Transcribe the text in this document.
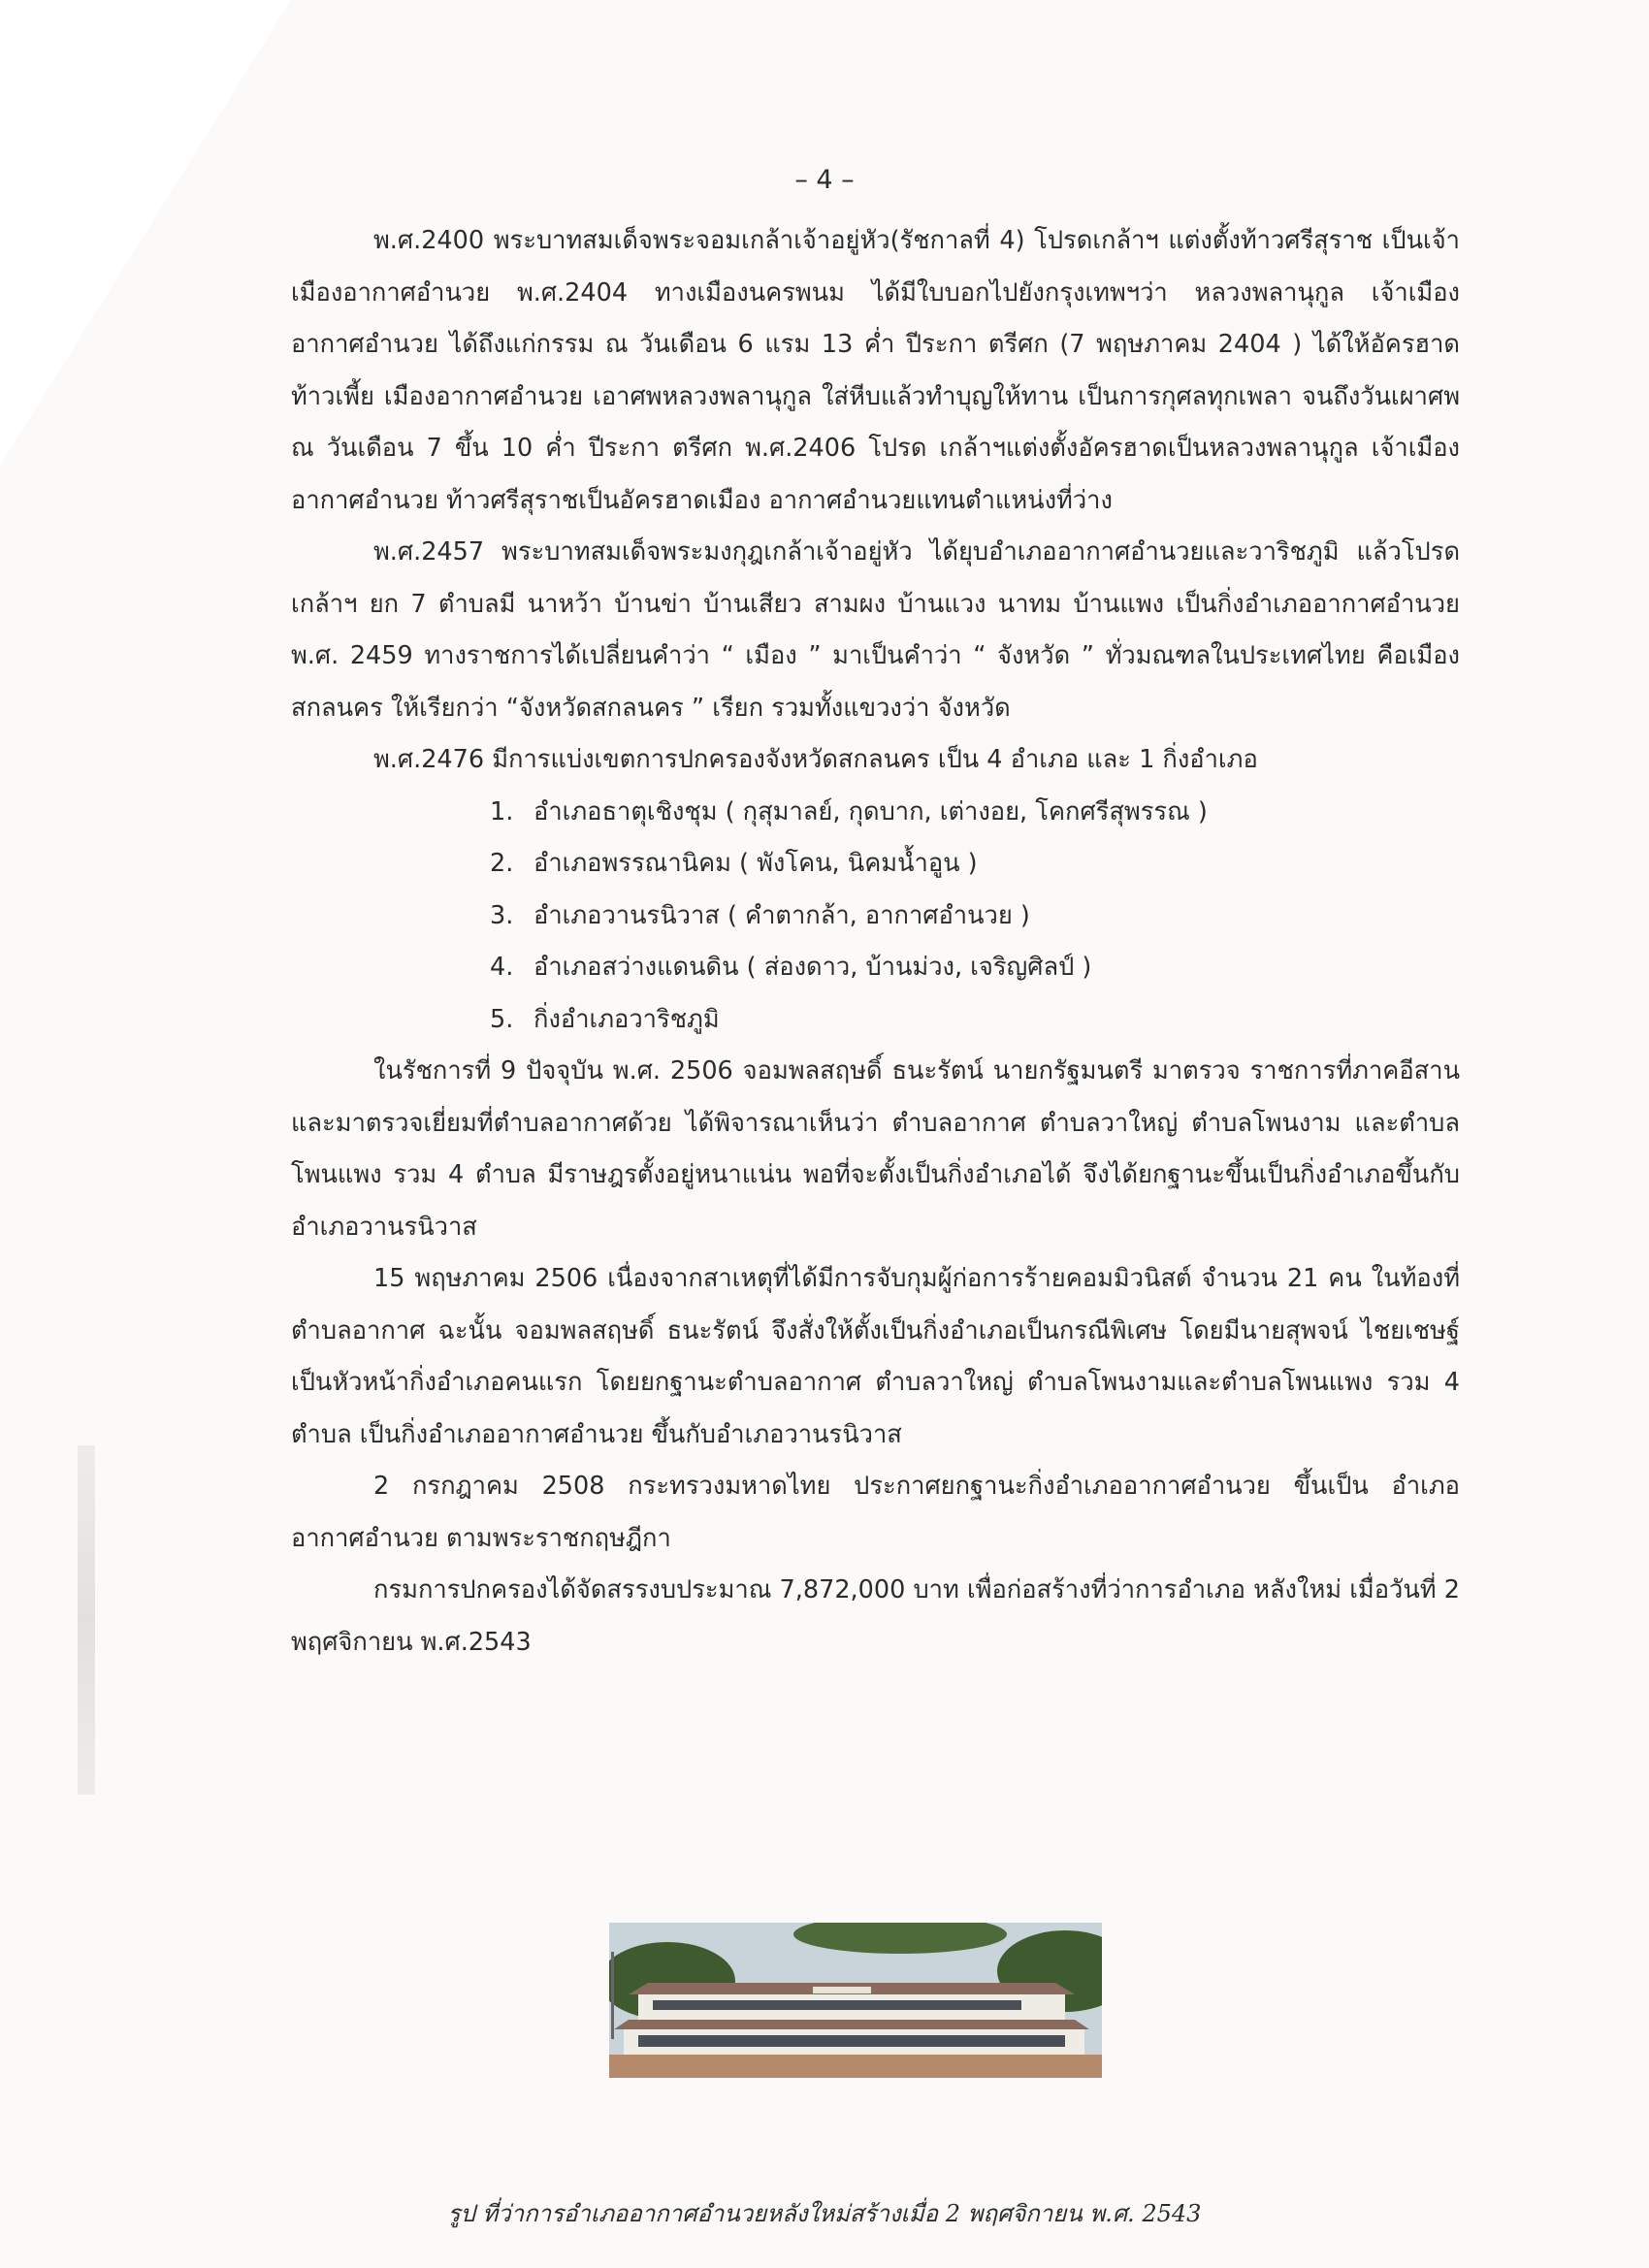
– 4 –

พ.ศ.2400 พระบาทสมเด็จพระจอมเกล้าเจ้าอยู่หัว(รัชกาลที่ 4) โปรดเกล้าฯ แต่งตั้งท้าวศรีสุราช เป็นเจ้าเมืองอากาศอำนวย พ.ศ.2404 ทางเมืองนครพนม ได้มีใบบอกไปยังกรุงเทพฯว่า หลวงพลานุกูล เจ้าเมืองอากาศอำนวย ได้ถึงแก่กรรม ณ วันเดือน 6 แรม 13 ค่ำ ปีระกา ตรีศก (7 พฤษภาคม 2404 ) ได้ให้อัครฮาด ท้าวเพี้ย เมืองอากาศอำนวย เอาศพหลวงพลานุกูล ใส่หีบแล้วทำบุญให้ทาน เป็นการกุศลทุกเพลา จนถึงวันเผาศพ ณ วันเดือน 7 ขึ้น 10 ค่ำ ปีระกา ตรีศก พ.ศ.2406 โปรด เกล้าฯแต่งตั้งอัครฮาดเป็นหลวงพลานุกูล เจ้าเมืองอากาศอำนวย ท้าวศรีสุราชเป็นอัครฮาดเมือง อากาศอำนวยแทนตำแหน่งที่ว่าง

พ.ศ.2457 พระบาทสมเด็จพระมงกุฎเกล้าเจ้าอยู่หัว ได้ยุบอำเภออากาศอำนวยและวาริชภูมิ แล้วโปรดเกล้าฯ ยก 7 ตำบลมี นาหว้า บ้านข่า บ้านเสียว สามผง บ้านแวง นาทม บ้านแพง เป็นกิ่งอำเภออากาศอำนวย พ.ศ. 2459 ทางราชการได้เปลี่ยนคำว่า “ เมือง ” มาเป็นคำว่า “ จังหวัด ” ทั่วมณฑลในประเทศไทย คือเมืองสกลนคร ให้เรียกว่า “จังหวัดสกลนคร ” เรียก รวมทั้งแขวงว่า จังหวัด

พ.ศ.2476 มีการแบ่งเขตการปกครองจังหวัดสกลนคร เป็น 4 อำเภอ และ 1 กิ่งอำเภอ

1. อำเภอธาตุเชิงชุม ( กุสุมาลย์, กุดบาก, เต่างอย, โคกศรีสุพรรณ )
2. อำเภอพรรณานิคม ( พังโคน, นิคมน้ำอูน )
3. อำเภอวานรนิวาส ( คำตากล้า, อากาศอำนวย )
4. อำเภอสว่างแดนดิน ( ส่องดาว, บ้านม่วง, เจริญศิลป์ )
5. กิ่งอำเภอวาริชภูมิ

ในรัชการที่ 9 ปัจจุบัน พ.ศ. 2506 จอมพลสฤษดิ์ ธนะรัตน์ นายกรัฐมนตรี มาตรวจ ราชการที่ภาคอีสาน และมาตรวจเยี่ยมที่ตำบลอากาศด้วย ได้พิจารณาเห็นว่า ตำบลอากาศ ตำบลวาใหญ่ ตำบลโพนงาม และตำบลโพนแพง รวม 4 ตำบล มีราษฎรตั้งอยู่หนาแน่น พอที่จะตั้งเป็นกิ่งอำเภอได้ จึงได้ยกฐานะขึ้นเป็นกิ่งอำเภอขึ้นกับอำเภอวานรนิวาส

15 พฤษภาคม 2506 เนื่องจากสาเหตุที่ได้มีการจับกุมผู้ก่อการร้ายคอมมิวนิสต์ จำนวน 21 คน ในท้องที่ตำบลอากาศ ฉะนั้น จอมพลสฤษดิ์ ธนะรัตน์ จึงสั่งให้ตั้งเป็นกิ่งอำเภอเป็นกรณีพิเศษ โดยมีนายสุพจน์ ไชยเชษฐ์ เป็นหัวหน้ากิ่งอำเภอคนแรก โดยยกฐานะตำบลอากาศ ตำบลวาใหญ่ ตำบลโพนงามและตำบลโพนแพง รวม 4 ตำบล เป็นกิ่งอำเภออากาศอำนวย ขึ้นกับอำเภอวานรนิวาส

2 กรกฎาคม 2508 กระทรวงมหาดไทย ประกาศยกฐานะกิ่งอำเภออากาศอำนวย ขึ้นเป็น อำเภออากาศอำนวย ตามพระราชกฤษฎีกา

กรมการปกครองได้จัดสรรงบประมาณ 7,872,000 บาท เพื่อก่อสร้างที่ว่าการอำเภอ หลังใหม่ เมื่อวันที่ 2 พฤศจิกายน พ.ศ.2543

รูป ที่ว่าการอำเภออากาศอำนวยหลังใหม่สร้างเมื่อ 2 พฤศจิกายน พ.ศ. 2543
